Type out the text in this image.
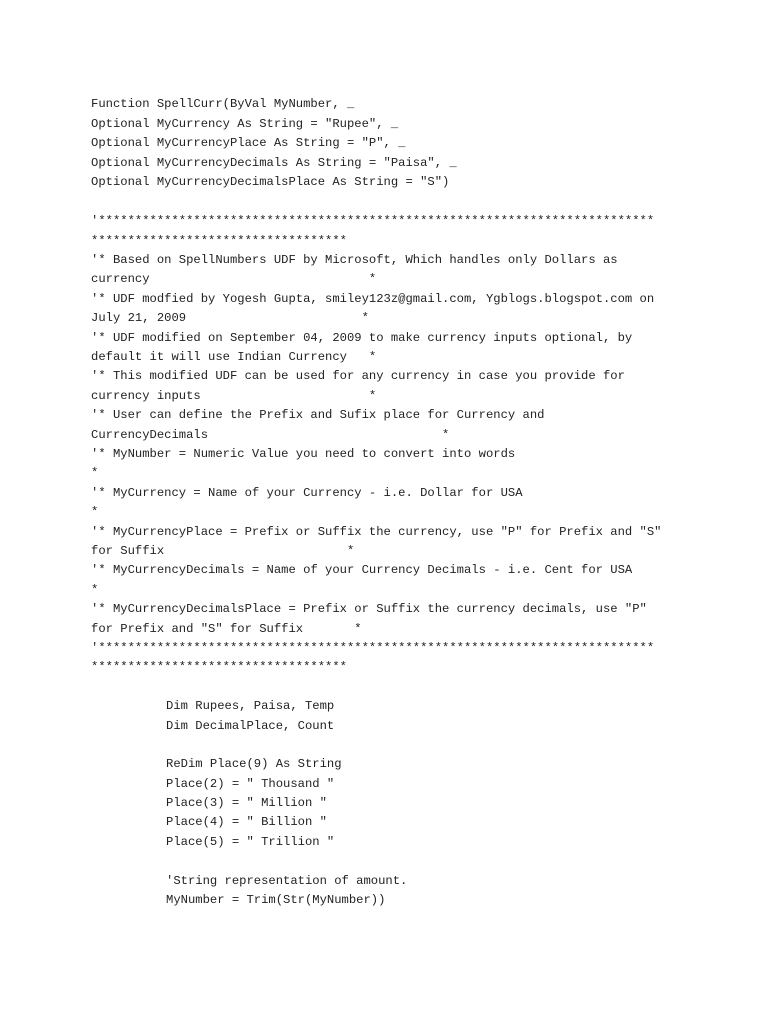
Function SpellCurr(ByVal MyNumber, _

Optional MyCurrency As String = "Rupee", _

Optional MyCurrencyPlace As String = "P", _

Optional MyCurrencyDecimals As String = "Paisa", _

Optional MyCurrencyDecimalsPlace As String = "S")

'****************************************************************************

***********************************

'* Based on SpellNumbers UDF by Microsoft, Which handles only Dollars as

currency                              *

'* UDF modfied by Yogesh Gupta, smiley123z@gmail.com, Ygblogs.blogspot.com on

July 21, 2009                        *

'* UDF modified on September 04, 2009 to make currency inputs optional, by

default it will use Indian Currency   *

'* This modified UDF can be used for any currency in case you provide for

currency inputs                       *

'* User can define the Prefix and Sufix place for Currency and

CurrencyDecimals                                *

'* MyNumber = Numeric Value you need to convert into words

*

'* MyCurrency = Name of your Currency - i.e. Dollar for USA

*

'* MyCurrencyPlace = Prefix or Suffix the currency, use "P" for Prefix and "S"

for Suffix                         *

'* MyCurrencyDecimals = Name of your Currency Decimals - i.e. Cent for USA

*

'* MyCurrencyDecimalsPlace = Prefix or Suffix the currency decimals, use "P"

for Prefix and "S" for Suffix       *

'****************************************************************************

***********************************

Dim Rupees, Paisa, Temp

Dim DecimalPlace, Count

ReDim Place(9) As String

Place(2) = " Thousand "

Place(3) = " Million "

Place(4) = " Billion "

Place(5) = " Trillion "

'String representation of amount.

MyNumber = Trim(Str(MyNumber))
